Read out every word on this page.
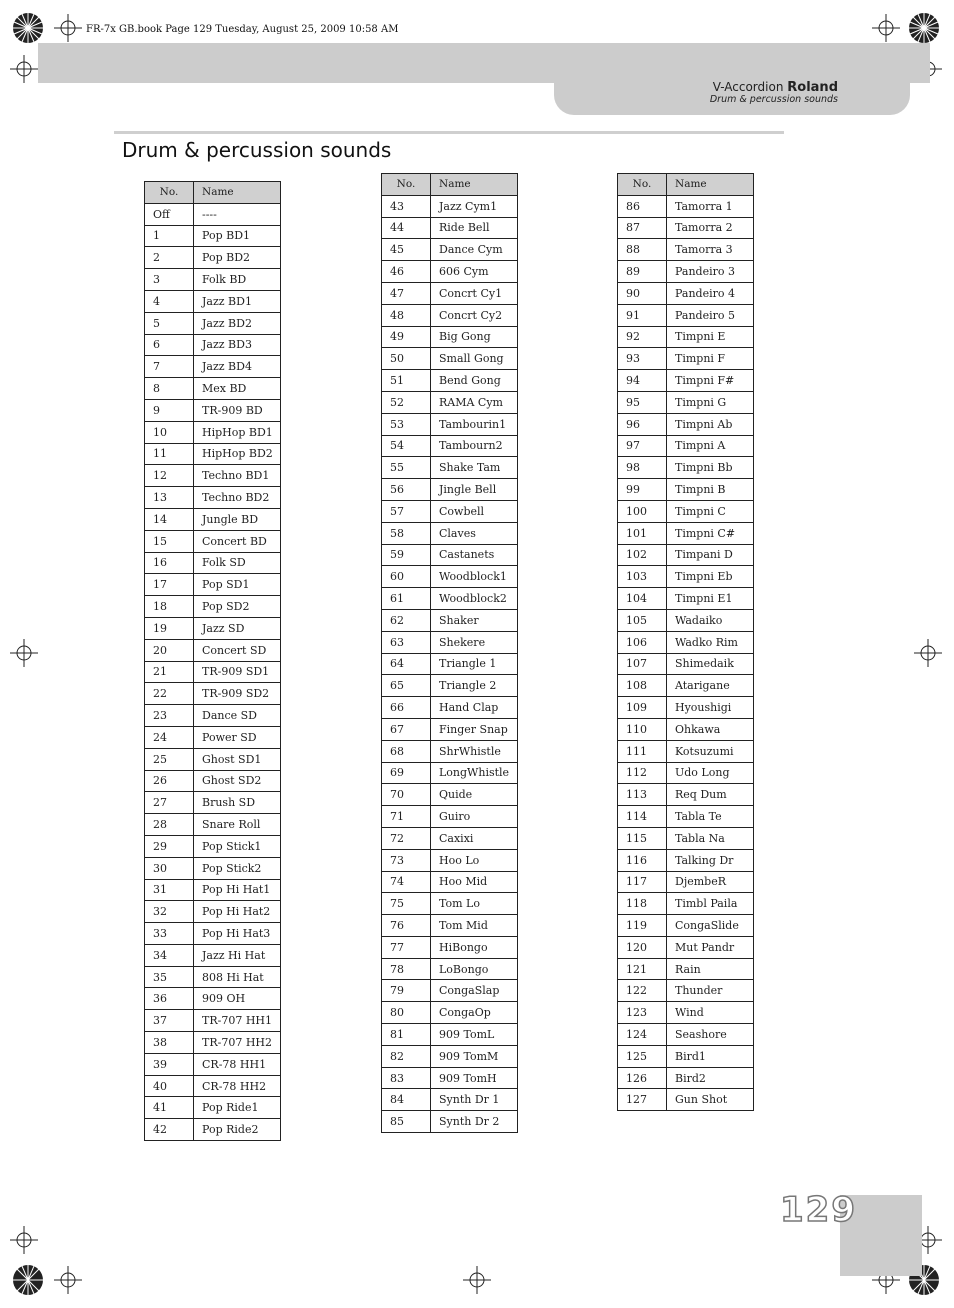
FR-7x GB.book Page 129 Tuesday, August 25, 2009 10:58 AM
V-Accordion Roland
Drum & percussion sounds
Drum & percussion sounds
No.	Name
Off	----
1	Pop BD1
2	Pop BD2
3	Folk BD
4	Jazz BD1
5	Jazz BD2
6	Jazz BD3
7	Jazz BD4
8	Mex BD
9	TR-909 BD
10	HipHop BD1
11	HipHop BD2
12	Techno BD1
13	Techno BD2
14	Jungle BD
15	Concert BD
16	Folk SD
17	Pop SD1
18	Pop SD2
19	Jazz SD
20	Concert SD
21	TR-909 SD1
22	TR-909 SD2
23	Dance SD
24	Power SD
25	Ghost SD1
26	Ghost SD2
27	Brush SD
28	Snare Roll
29	Pop Stick1
30	Pop Stick2
31	Pop Hi Hat1
32	Pop Hi Hat2
33	Pop Hi Hat3
34	Jazz Hi Hat
35	808 Hi Hat
36	909 OH
37	TR-707 HH1
38	TR-707 HH2
39	CR-78 HH1
40	CR-78 HH2
41	Pop Ride1
42	Pop Ride2
No.	Name
43	Jazz Cym1
44	Ride Bell
45	Dance Cym
46	606 Cym
47	Concrt Cy1
48	Concrt Cy2
49	Big Gong
50	Small Gong
51	Bend Gong
52	RAMA Cym
53	Tambourin1
54	Tambourn2
55	Shake Tam
56	Jingle Bell
57	Cowbell
58	Claves
59	Castanets
60	Woodblock1
61	Woodblock2
62	Shaker
63	Shekere
64	Triangle 1
65	Triangle 2
66	Hand Clap
67	Finger Snap
68	ShrWhistle
69	LongWhistle
70	Quide
71	Guiro
72	Caxixi
73	Hoo Lo
74	Hoo Mid
75	Tom Lo
76	Tom Mid
77	HiBongo
78	LoBongo
79	CongaSlap
80	CongaOp
81	909 TomL
82	909 TomM
83	909 TomH
84	Synth Dr 1
85	Synth Dr 2
No.	Name
86	Tamorra 1
87	Tamorra 2
88	Tamorra 3
89	Pandeiro 3
90	Pandeiro 4
91	Pandeiro 5
92	Timpni E
93	Timpni F
94	Timpni F#
95	Timpni G
96	Timpni Ab
97	Timpni A
98	Timpni Bb
99	Timpni B
100	Timpni C
101	Timpni C#
102	Timpani D
103	Timpni Eb
104	Timpni E1
105	Wadaiko
106	Wadko Rim
107	Shimedaik
108	Atarigane
109	Hyoushigi
110	Ohkawa
111	Kotsuzumi
112	Udo Long
113	Req Dum
114	Tabla Te
115	Tabla Na
116	Talking Dr
117	DjembeR
118	Timbl Paila
119	CongaSlide
120	Mut Pandr
121	Rain
122	Thunder
123	Wind
124	Seashore
125	Bird1
126	Bird2
127	Gun Shot
129
